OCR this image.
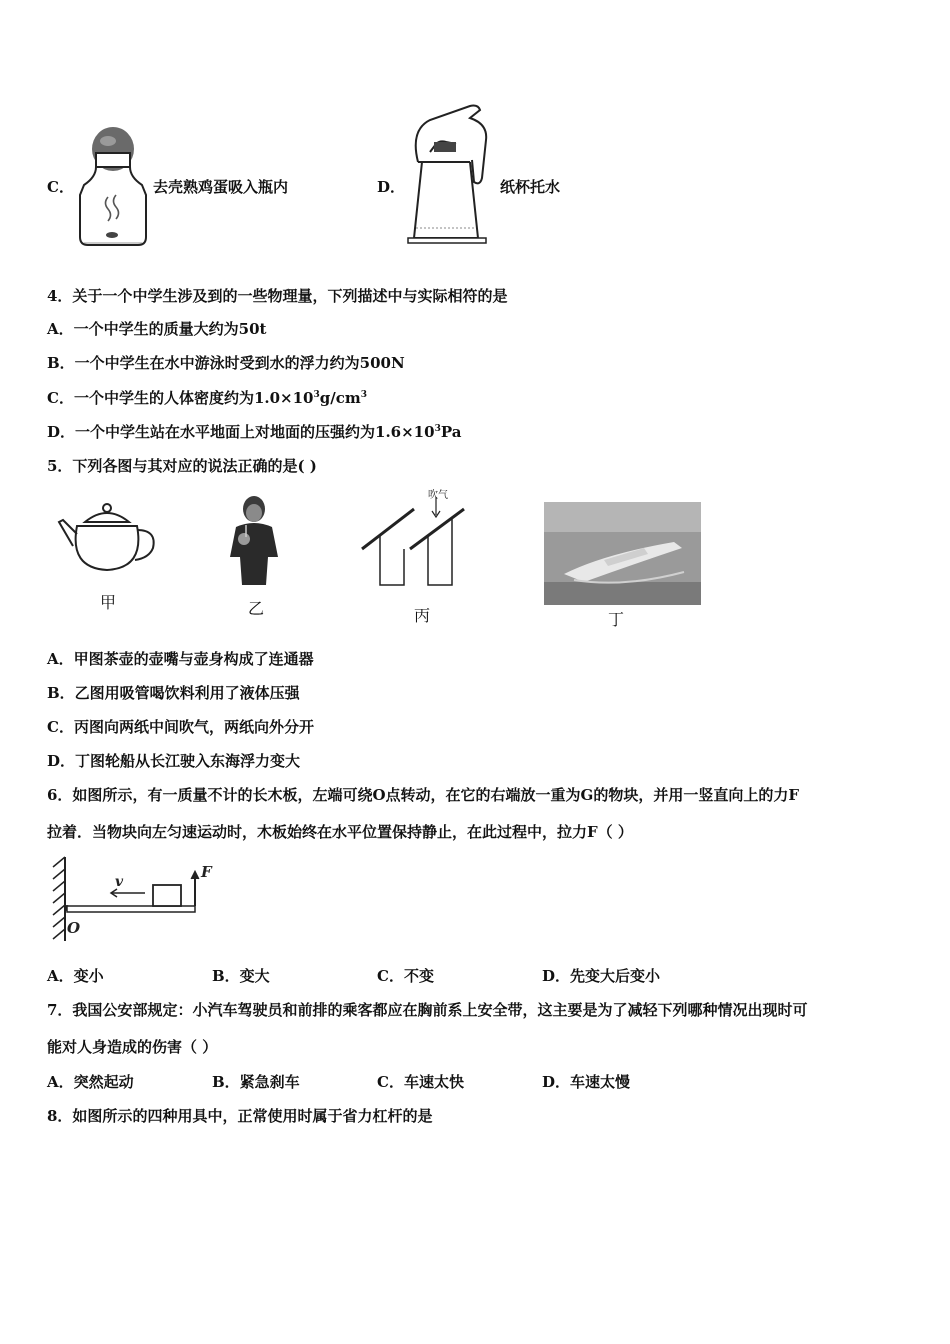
C．	去壳熟鸡蛋吸入瓶内	D．	纸杯托水
4．关于一个中学生涉及到的一些物理量，下列描述中与实际相符的是
A．一个中学生的质量大约为50t
B．一个中学生在水中游泳时受到水的浮力约为500N
C．一个中学生的人体密度约为$1.0\times 10^3g/cm^3$
D．一个中学生站在水平地面上对地面的压强约为$1.6\times 10^3Pa$
5．下列各图与其对应的说法正确的是( )
甲	乙
吹气
丙	丁
A．甲图茶壶的壶嘴与壶身构成了连通器
B．乙图用吸管喝饮料利用了液体压强
C．丙图向两纸中间吹气，两纸向外分开
D．丁图轮船从长江驶入东海浮力变大
6．如图所示，有一质量不计的长木板，左端可绕O点转动，在它的右端放一重为G的物块，并用一竖直向上的力F
拉着．当物块向左匀速运动时，木板始终在水平位置保持静止，在此过程中，拉力F（ ）
v
F
O
A．变小	B．变大	C．不变	D．先变大后变小
7．我国公安部规定：小汽车驾驶员和前排的乘客都应在胸前系上安全带，这主要是为了减轻下列哪种情况出现时可
能对人身造成的伤害（ ）
A．突然起动	B．紧急刹车	C．车速太快	D．车速太慢
8．如图所示的四种用具中，正常使用时属于省力杠杆的是
